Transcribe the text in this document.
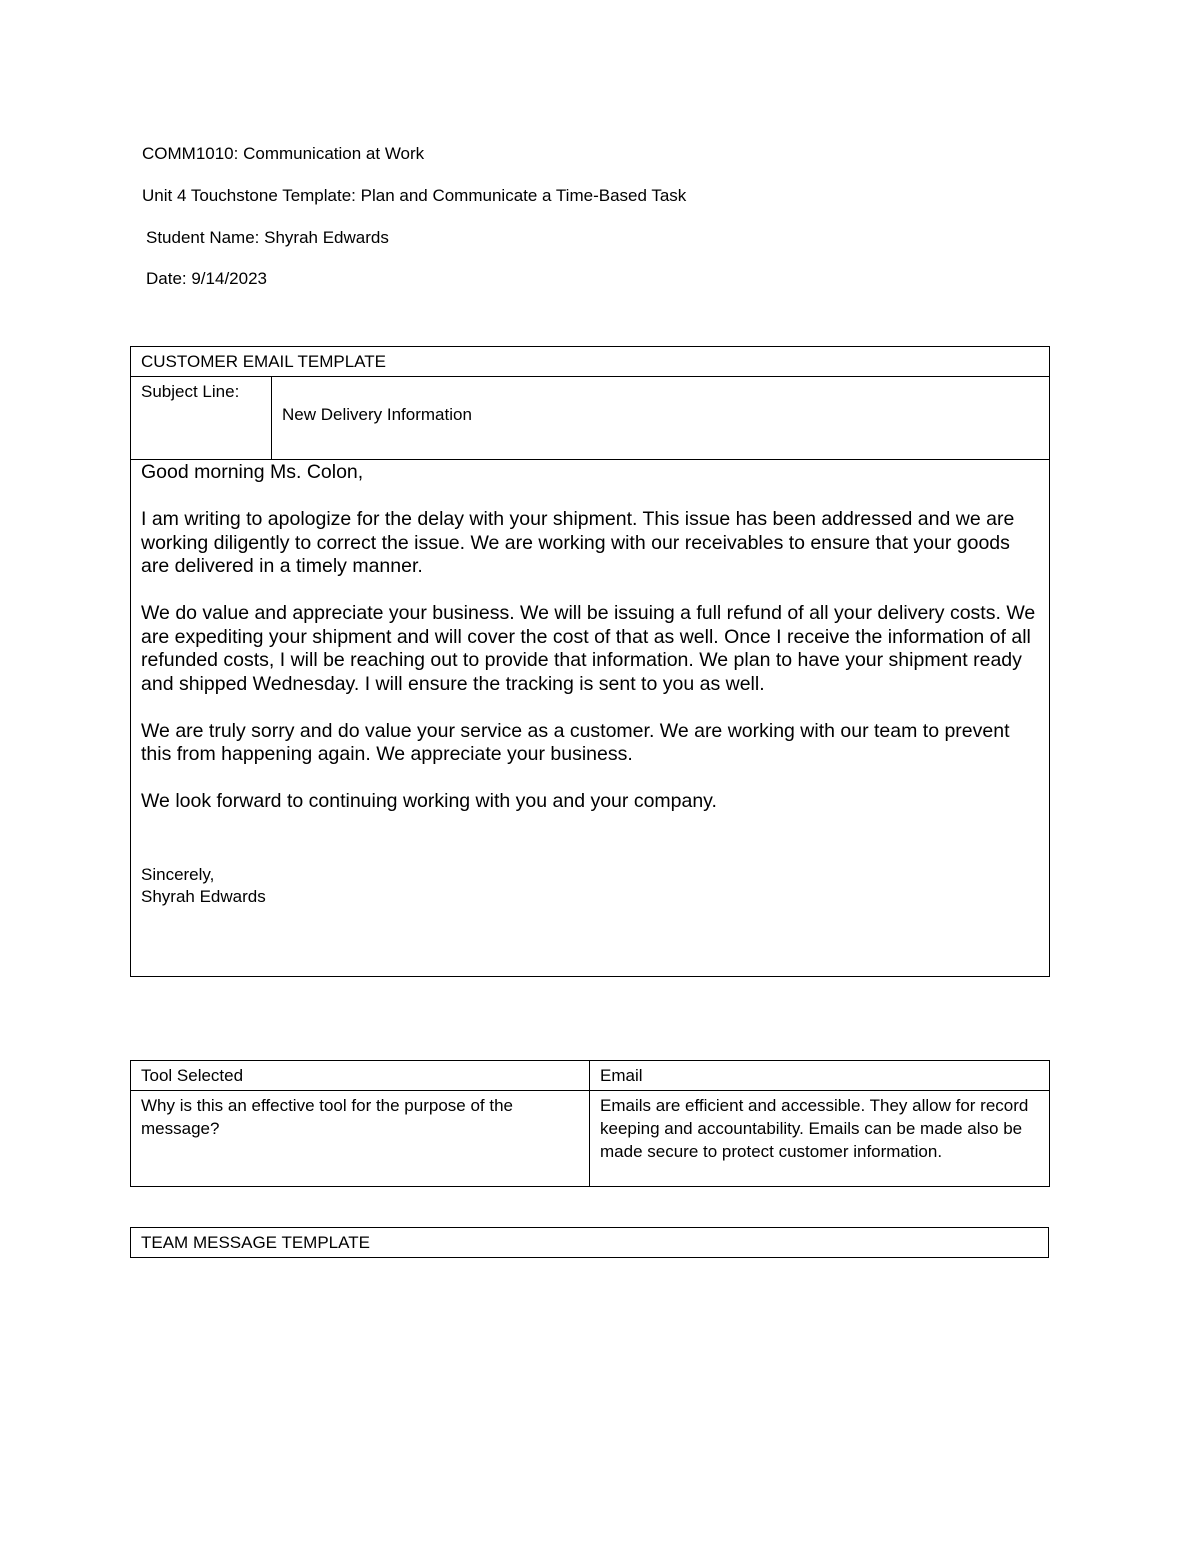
COMM1010: Communication at Work
Unit 4 Touchstone Template: Plan and Communicate a Time-Based Task
Student Name: Shyrah Edwards
Date: 9/14/2023
CUSTOMER EMAIL TEMPLATE
Subject Line:	New Delivery Information

Good morning Ms. Colon,

I am writing to apologize for the delay with your shipment. This issue has been addressed and we are working diligently to correct the issue. We are working with our receivables to ensure that your goods are delivered in a timely manner.

We do value and appreciate your business. We will be issuing a full refund of all your delivery costs. We are expediting your shipment and will cover the cost of that as well. Once I receive the information of all refunded costs, I will be reaching out to provide that information. We plan to have your shipment ready and shipped Wednesday. I will ensure the tracking is sent to you as well.

We are truly sorry and do value your service as a customer. We are working with our team to prevent this from happening again. We appreciate your business.

We look forward to continuing working with you and your company.

Sincerely,
Shyrah Edwards
Tool Selected	Email
Why is this an effective tool for the purpose of the message?	Emails are efficient and accessible. They allow for record keeping and accountability. Emails can be made also be made secure to protect customer information.
TEAM MESSAGE TEMPLATE
